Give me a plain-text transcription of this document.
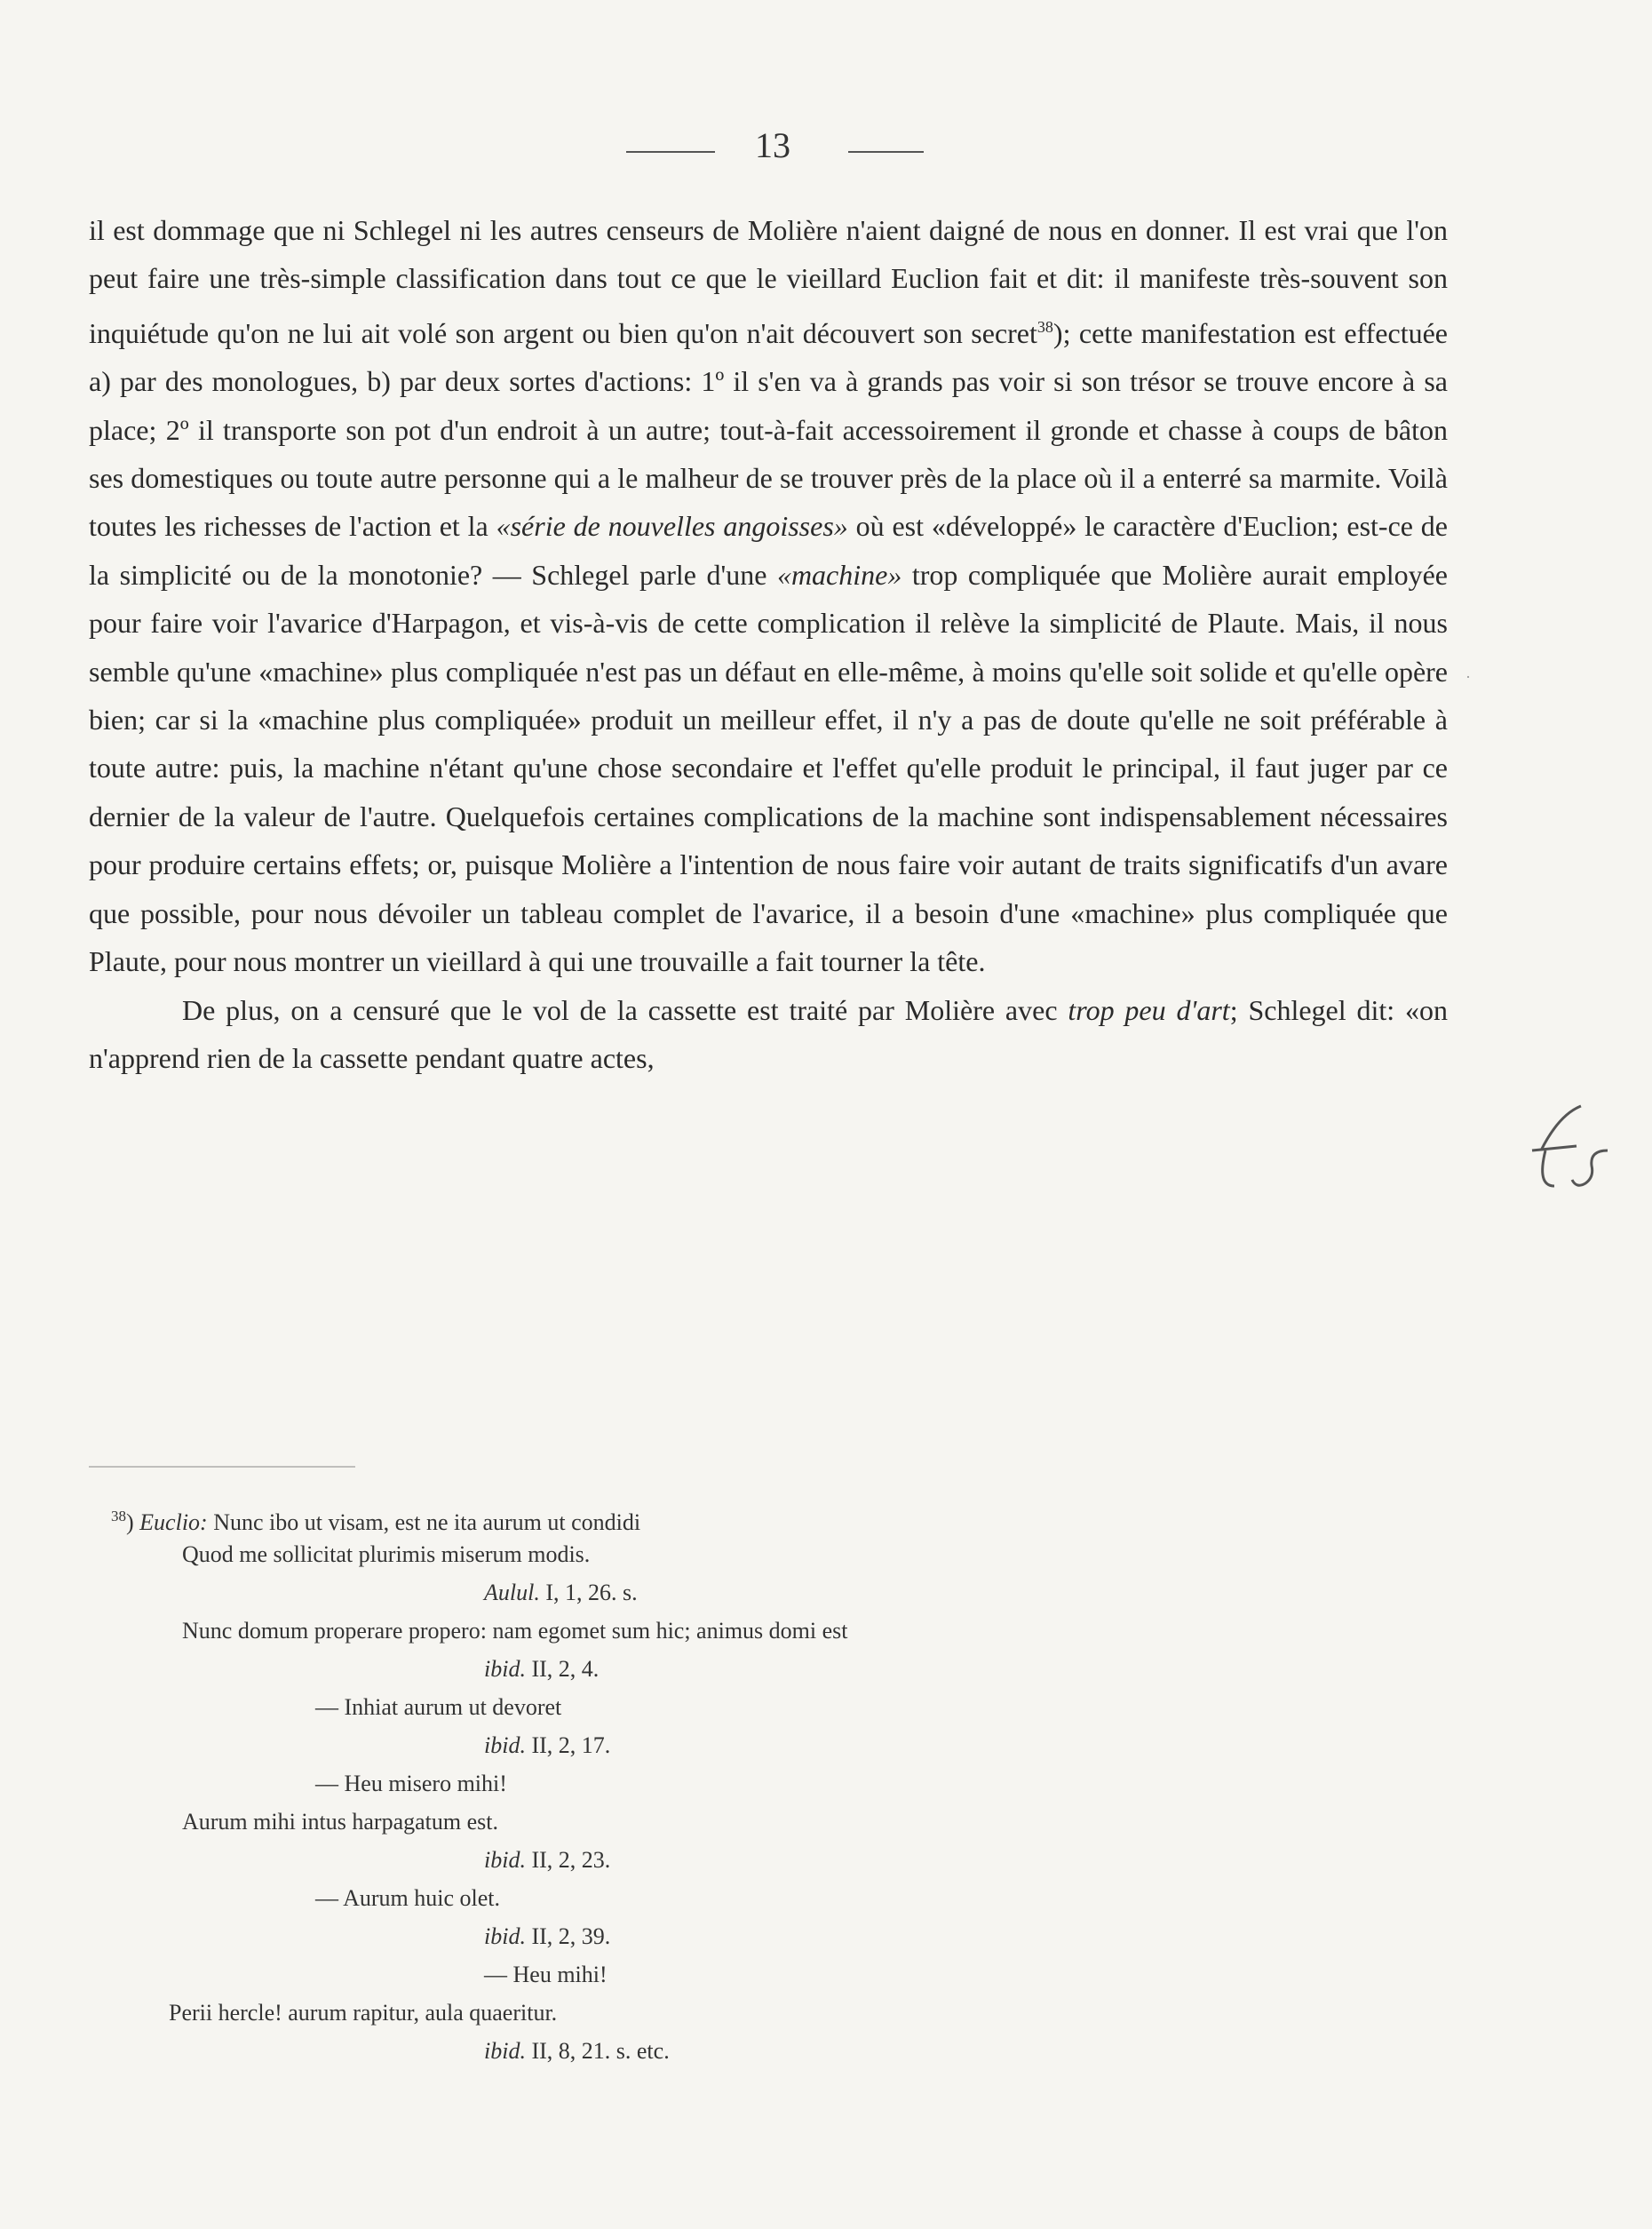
13

il est dommage que ni Schlegel ni les autres censeurs de Molière n'aient daigné de nous en donner. Il est vrai que l'on peut faire une très-simple classification dans tout ce que le vieillard Euclion fait et dit: il manifeste très-souvent son inquiétude qu'on ne lui ait volé son argent ou bien qu'on n'ait découvert son secret$^{38}$); cette manifestation est effectuée a) par des monologues, b) par deux sortes d'actions: 1º il s'en va à grands pas voir si son trésor se trouve encore à sa place; 2º il transporte son pot d'un endroit à un autre; tout-à-fait accessoirement il gronde et chasse à coups de bâton ses domestiques ou toute autre personne qui a le malheur de se trouver près de la place où il a enterré sa marmite. Voilà toutes les richesses de l'action et la «série de nouvelles angoisses» où est «développé» le caractère d'Euclion; est-ce de la simplicité ou de la monotonie? — Schlegel parle d'une «machine» trop compliquée que Molière aurait employée pour faire voir l'avarice d'Harpagon, et vis-à-vis de cette complication il relève la simplicité de Plaute. Mais, il nous semble qu'une «machine» plus compliquée n'est pas un défaut en elle-même, à moins qu'elle soit solide et qu'elle opère bien; car si la «machine plus compliquée» produit un meilleur effet, il n'y a pas de doute qu'elle ne soit préférable à toute autre: puis, la machine n'étant qu'une chose secondaire et l'effet qu'elle produit le principal, il faut juger par ce dernier de la valeur de l'autre. Quelquefois certaines complications de la machine sont indispensablement nécessaires pour produire certains effets; or, puisque Molière a l'intention de nous faire voir autant de traits significatifs d'un avare que possible, pour nous dévoiler un tableau complet de l'avarice, il a besoin d'une «machine» plus compliquée que Plaute, pour nous montrer un vieillard à qui une trouvaille a fait tourner la tête.

De plus, on a censuré que le vol de la cassette est traité par Molière avec trop peu d'art; Schlegel dit: «on n'apprend rien de la cassette pendant quatre actes,

$^{38}$) Euclio: Nunc ibo ut visam, est ne ita aurum ut condidi
Quod me sollicitat plurimis miserum modis.
Aulul. I, 1, 26. s.
Nunc domum properare propero: nam egomet sum hic; animus domi est
ibid. II, 2, 4.
— Inhiat aurum ut devoret
ibid. II, 2, 17.
— Heu misero mihi!
Aurum mihi intus harpagatum est.
ibid. II, 2, 23.
— Aurum huic olet.
ibid. II, 2, 39.
— Heu mihi!
Perii hercle! aurum rapitur, aula quaeritur.
ibid. II, 8, 21. s. etc.
·
